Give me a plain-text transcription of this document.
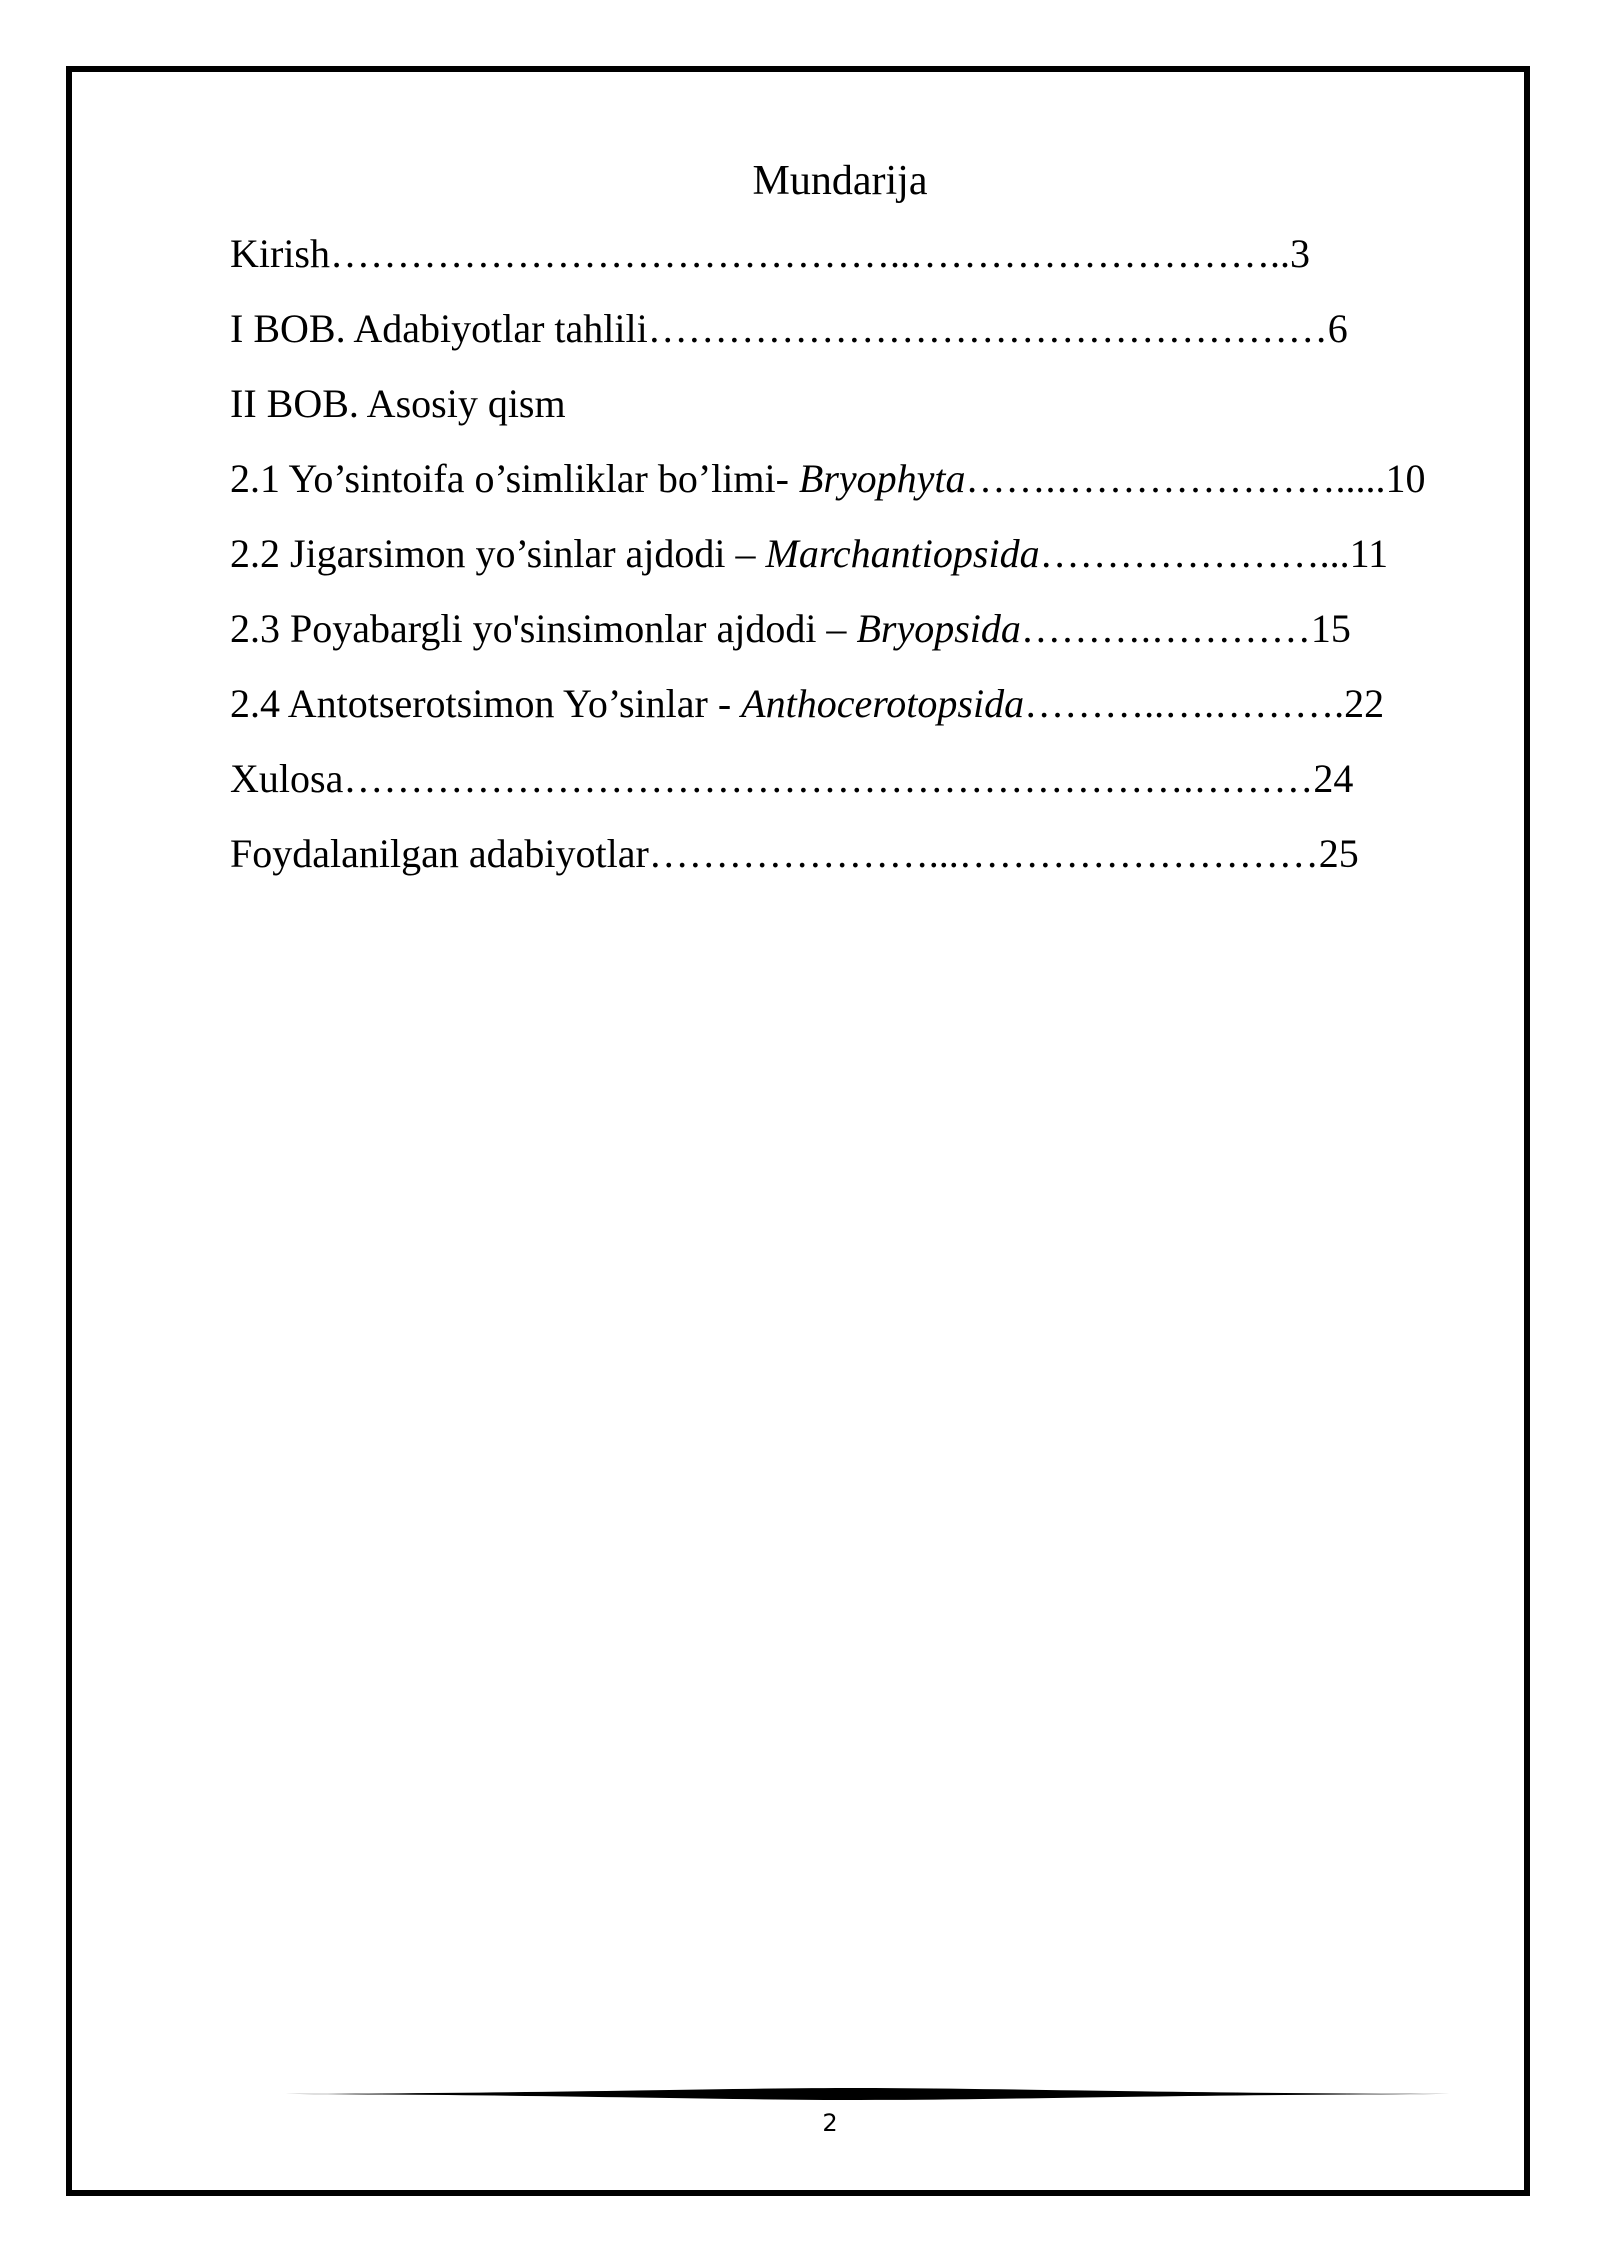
Mundarija
Kirish……………………………………..………………………..3
I BOB. Adabiyotlar tahlili……………………………………………6
II BOB. Asosiy qism
2.1 Yo’sintoifa o’simliklar bo’limi- Bryophyta…….………………….....10
2.2 Jigarsimon yo’sinlar ajdodi – Marchantiopsida…………………...11
2.3 Poyabargli yo'sinsimonlar ajdodi – Bryopsida……….…………15
2.4 Antotserotsimon Yo’sinlar - Anthocerotopsida………..….……….22
Xulosa……………………………………………………….………24
Foydalanilgan adabiyotlar…………………...………………………25
2
